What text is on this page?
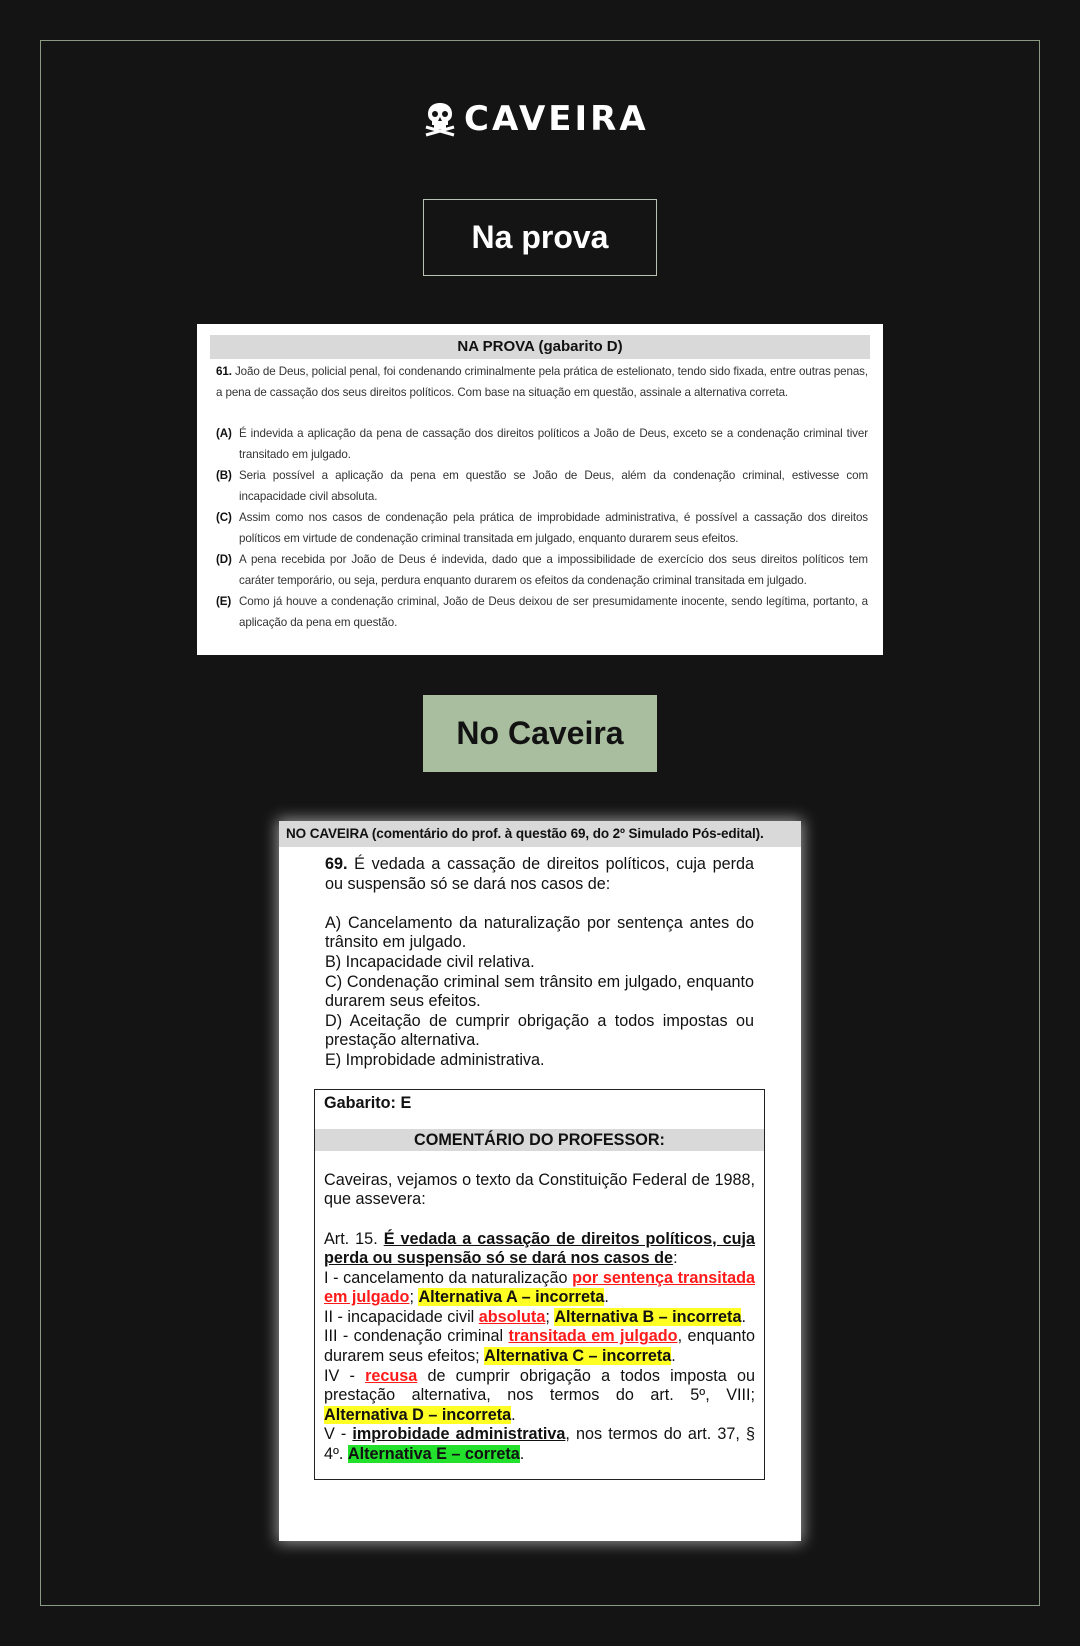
CAVEIRA
Na prova
NA PROVA (gabarito D)
61. João de Deus, policial penal, foi condenando criminalmente pela prática de estelionato, tendo sido fixada, entre outras penas, a pena de cassação dos seus direitos políticos. Com base na situação em questão, assinale a alternativa correta.
(A) É indevida a aplicação da pena de cassação dos direitos políticos a João de Deus, exceto se a condenação criminal tiver transitado em julgado.
(B) Seria possível a aplicação da pena em questão se João de Deus, além da condenação criminal, estivesse com incapacidade civil absoluta.
(C) Assim como nos casos de condenação pela prática de improbidade administrativa, é possível a cassação dos direitos políticos em virtude de condenação criminal transitada em julgado, enquanto durarem seus efeitos.
(D) A pena recebida por João de Deus é indevida, dado que a impossibilidade de exercício dos seus direitos políticos tem caráter temporário, ou seja, perdura enquanto durarem os efeitos da condenação criminal transitada em julgado.
(E) Como já houve a condenação criminal, João de Deus deixou de ser presumidamente inocente, sendo legítima, portanto, a aplicação da pena em questão.
No Caveira
NO CAVEIRA (comentário do prof. à questão 69, do 2º Simulado Pós-edital).
69. É vedada a cassação de direitos políticos, cuja perda ou suspensão só se dará nos casos de:
A) Cancelamento da naturalização por sentença antes do trânsito em julgado.
B) Incapacidade civil relativa.
C) Condenação criminal sem trânsito em julgado, enquanto durarem seus efeitos.
D) Aceitação de cumprir obrigação a todos impostas ou prestação alternativa.
E) Improbidade administrativa.
Gabarito: E
COMENTÁRIO DO PROFESSOR:
Caveiras, vejamos o texto da Constituição Federal de 1988, que assevera:
Art. 15. É vedada a cassação de direitos políticos, cuja perda ou suspensão só se dará nos casos de:
I - cancelamento da naturalização por sentença transitada em julgado; Alternativa A – incorreta.
II - incapacidade civil absoluta; Alternativa B – incorreta.
III - condenação criminal transitada em julgado, enquanto durarem seus efeitos; Alternativa C – incorreta.
IV - recusa de cumprir obrigação a todos imposta ou prestação alternativa, nos termos do art. 5º, VIII; Alternativa D – incorreta.
V - improbidade administrativa, nos termos do art. 37, § 4º. Alternativa E – correta.
